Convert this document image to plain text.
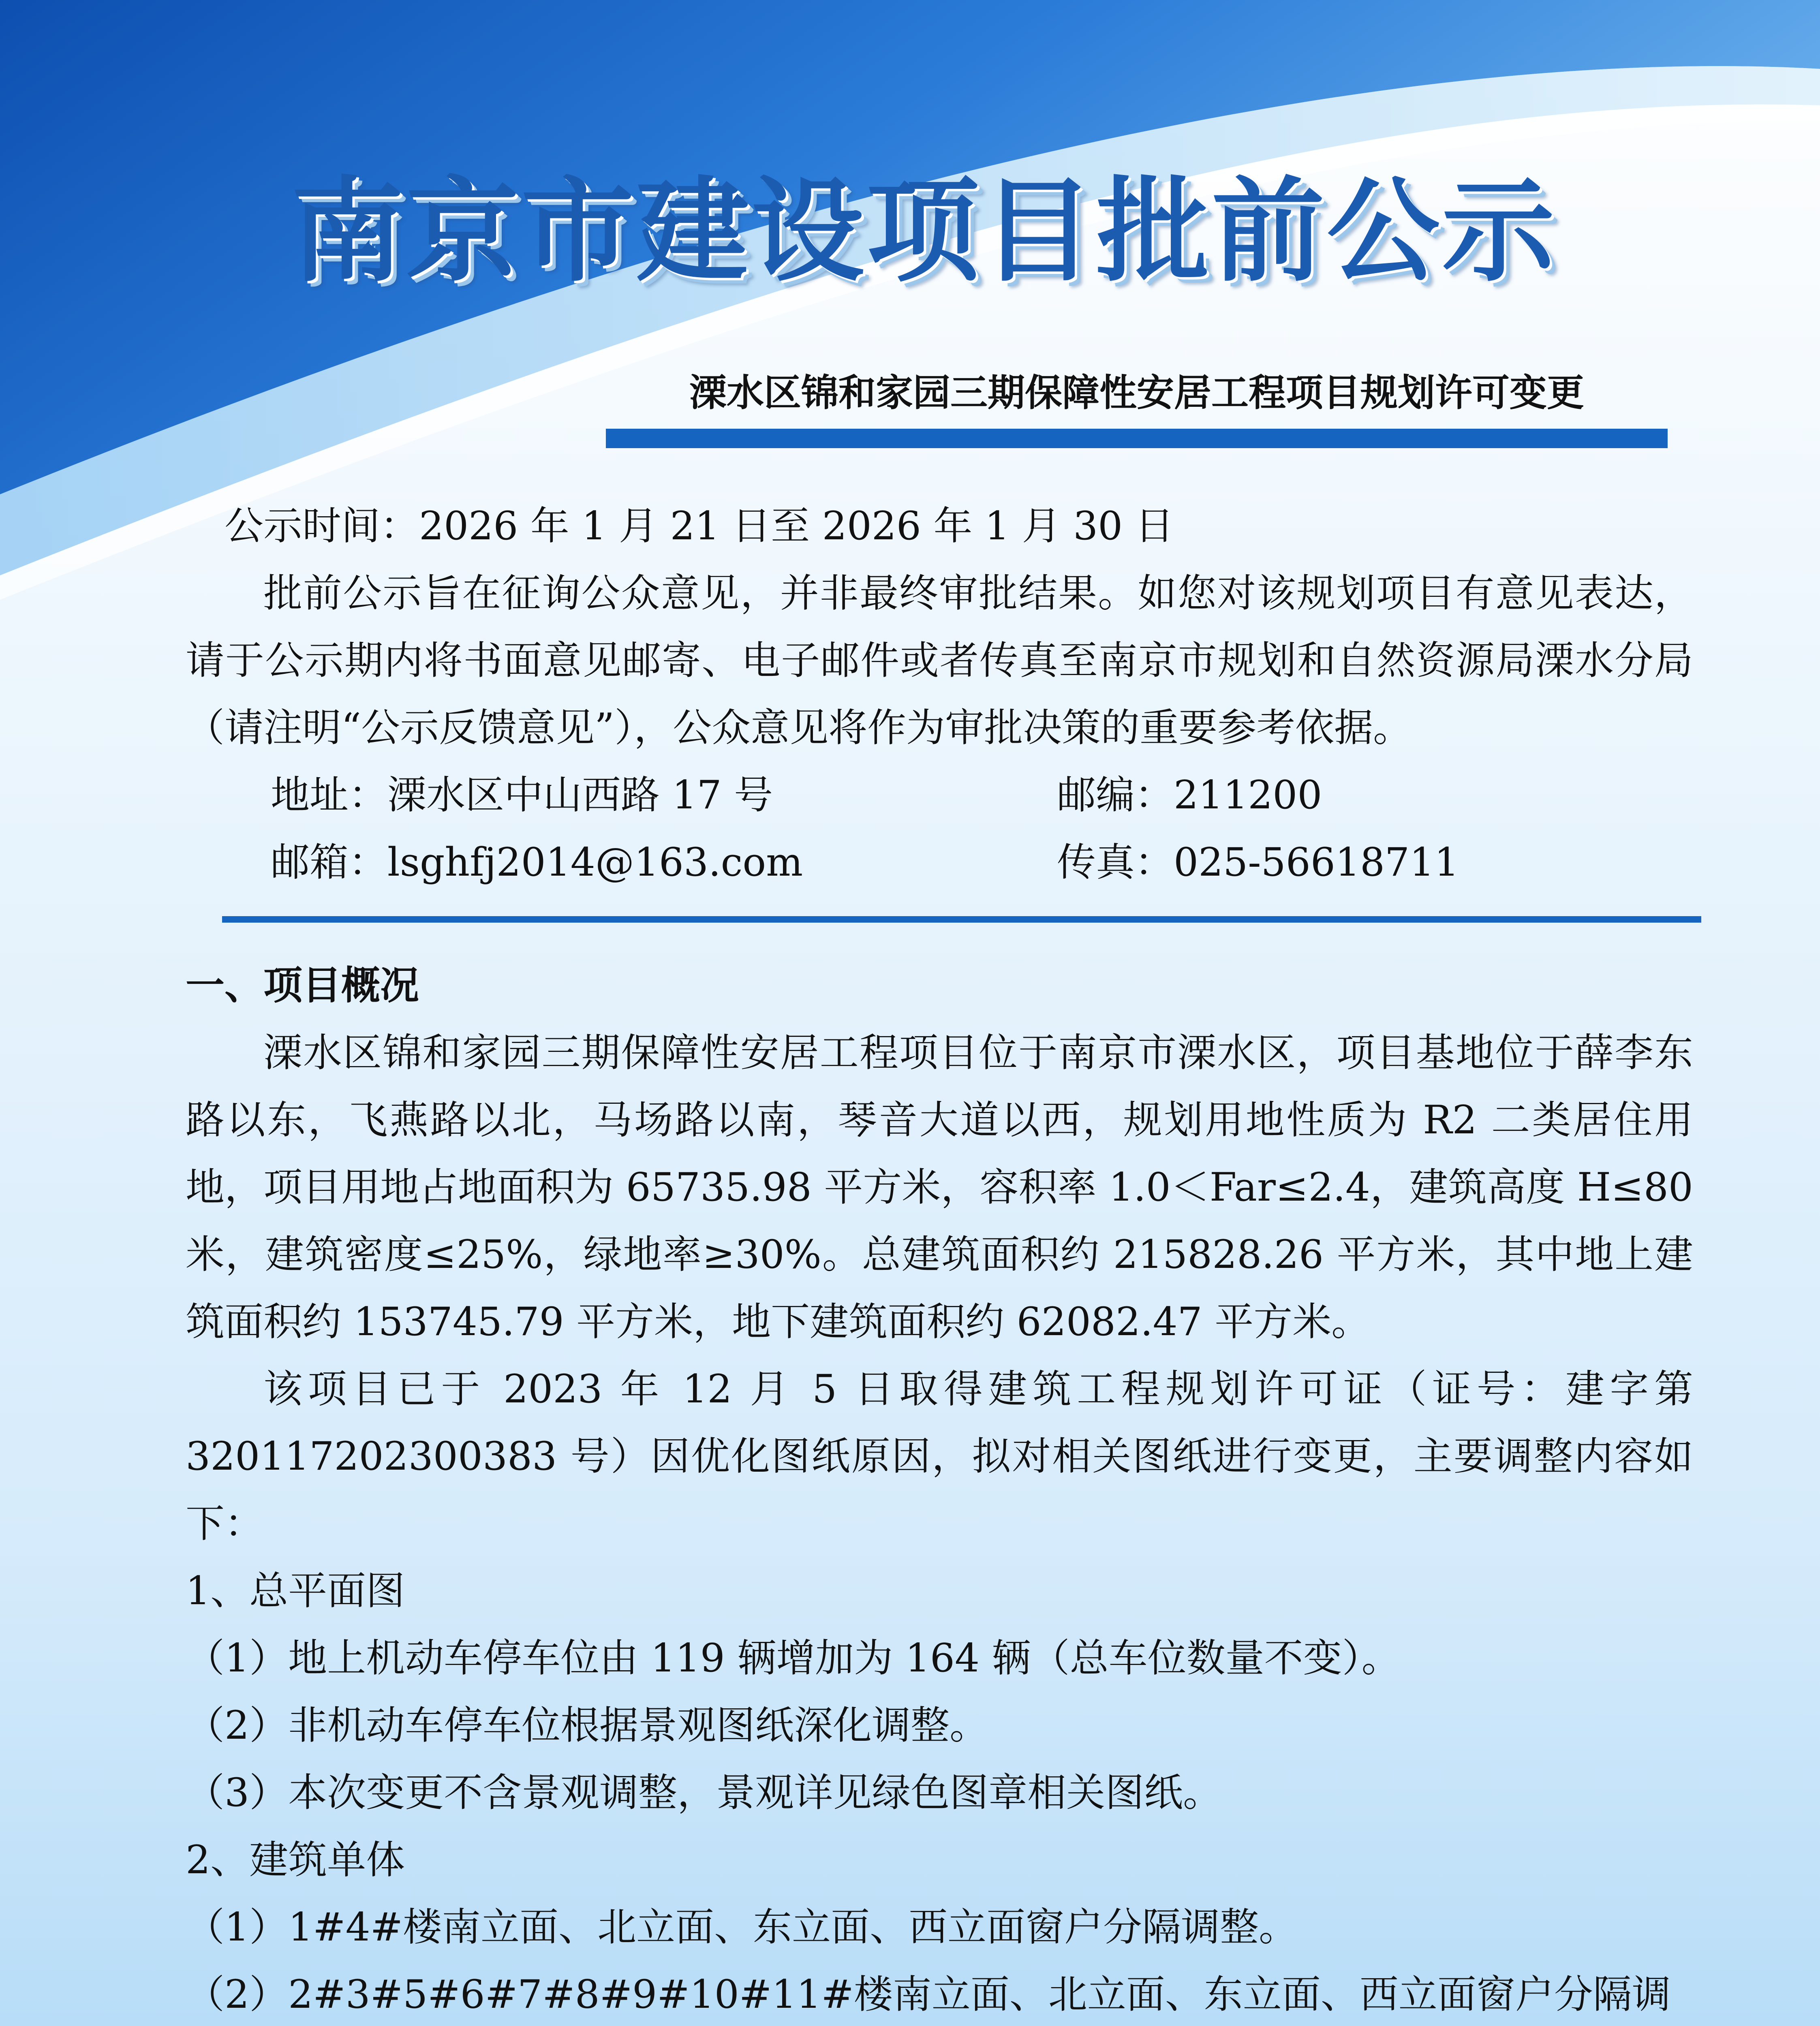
南京市建设项目批前公示
溧水区锦和家园三期保障性安居工程项目规划许可变更

公示时间：2026 年 1 月 21 日至 2026 年 1 月 30 日

批前公示旨在征询公众意见，并非最终审批结果。如您对该规划项目有意见表达，请于公示期内将书面意见邮寄、电子邮件或者传真至南京市规划和自然资源局溧水分局（请注明“公示反馈意见”），公众意见将作为审批决策的重要参考依据。

地址：溧水区中山西路 17 号	邮编：211200
邮箱：lsghfj2014@163.com	传真：025-56618711

一、项目概况

溧水区锦和家园三期保障性安居工程项目位于南京市溧水区，项目基地位于薛李东路以东，飞燕路以北，马场路以南，琴音大道以西，规划用地性质为 R2 二类居住用地，项目用地占地面积为 65735.98 平方米，容积率 1.0＜Far≤2.4，建筑高度 H≤80 米，建筑密度≤25%，绿地率≥30%。总建筑面积约 215828.26 平方米，其中地上建筑面积约 153745.79 平方米，地下建筑面积约 62082.47 平方米。

该项目已于 2023 年 12 月 5 日取得建筑工程规划许可证（证号：建字第 320117202300383 号）因优化图纸原因，拟对相关图纸进行变更，主要调整内容如下：

1、总平面图

（1）地上机动车停车位由 119 辆增加为 164 辆（总车位数量不变）。

（2）非机动车停车位根据景观图纸深化调整。

（3）本次变更不含景观调整，景观详见绿色图章相关图纸。

2、建筑单体

（1）1#4#楼南立面、北立面、东立面、西立面窗户分隔调整。

（2）2#3#5#6#7#8#9#10#11#楼南立面、北立面、东立面、西立面窗户分隔调
